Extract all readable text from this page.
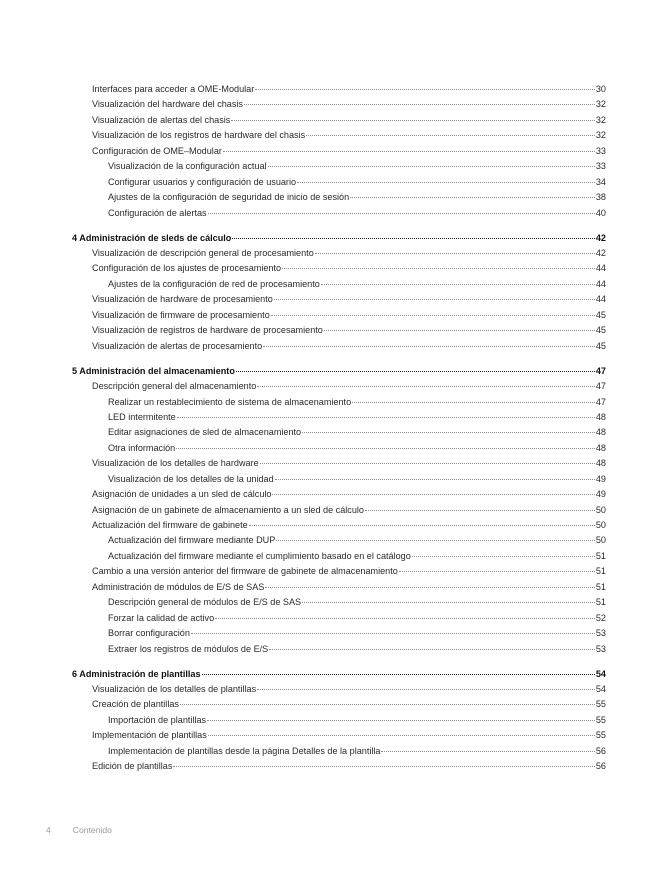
Interfaces para acceder a OME-Modular	30
Visualización del hardware del chasis	32
Visualización de alertas del chasis	32
Visualización de los registros de hardware del chasis	32
Configuración de OME–Modular	33
Visualización de la configuración actual	33
Configurar usuarios y configuración de usuario	34
Ajustes de la configuración de seguridad de inicio de sesión	38
Configuración de alertas	40
4 Administración de sleds de cálculo	42
Visualización de descripción general de procesamiento	42
Configuración de los ajustes de procesamiento	44
Ajustes de la configuración de red de procesamiento	44
Visualización de hardware de procesamiento	44
Visualización de firmware de procesamiento	45
Visualización de registros de hardware de procesamiento	45
Visualización de alertas de procesamiento	45
5 Administración del almacenamiento	47
Descripción general del almacenamiento	47
Realizar un restablecimiento de sistema de almacenamiento	47
LED intermitente	48
Editar asignaciones de sled de almacenamiento	48
Otra información	48
Visualización de los detalles de hardware	48
Visualización de los detalles de la unidad	49
Asignación de unidades a un sled de cálculo	49
Asignación de un gabinete de almacenamiento a un sled de cálculo	50
Actualización del firmware de gabinete	50
Actualización del firmware mediante DUP	50
Actualización del firmware mediante el cumplimiento basado en el catálogo	51
Cambio a una versión anterior del firmware de gabinete de almacenamiento	51
Administración de módulos de E/S de SAS	51
Descripción general de módulos de E/S de SAS	51
Forzar la calidad de activo	52
Borrar configuración	53
Extraer los registros de módulos de E/S	53
6 Administración de plantillas	54
Visualización de los detalles de plantillas	54
Creación de plantillas	55
Importación de plantillas	55
Implementación de plantillas	55
Implementación de plantillas desde la página Detalles de la plantilla	56
Edición de plantillas	56
4	Contenido
